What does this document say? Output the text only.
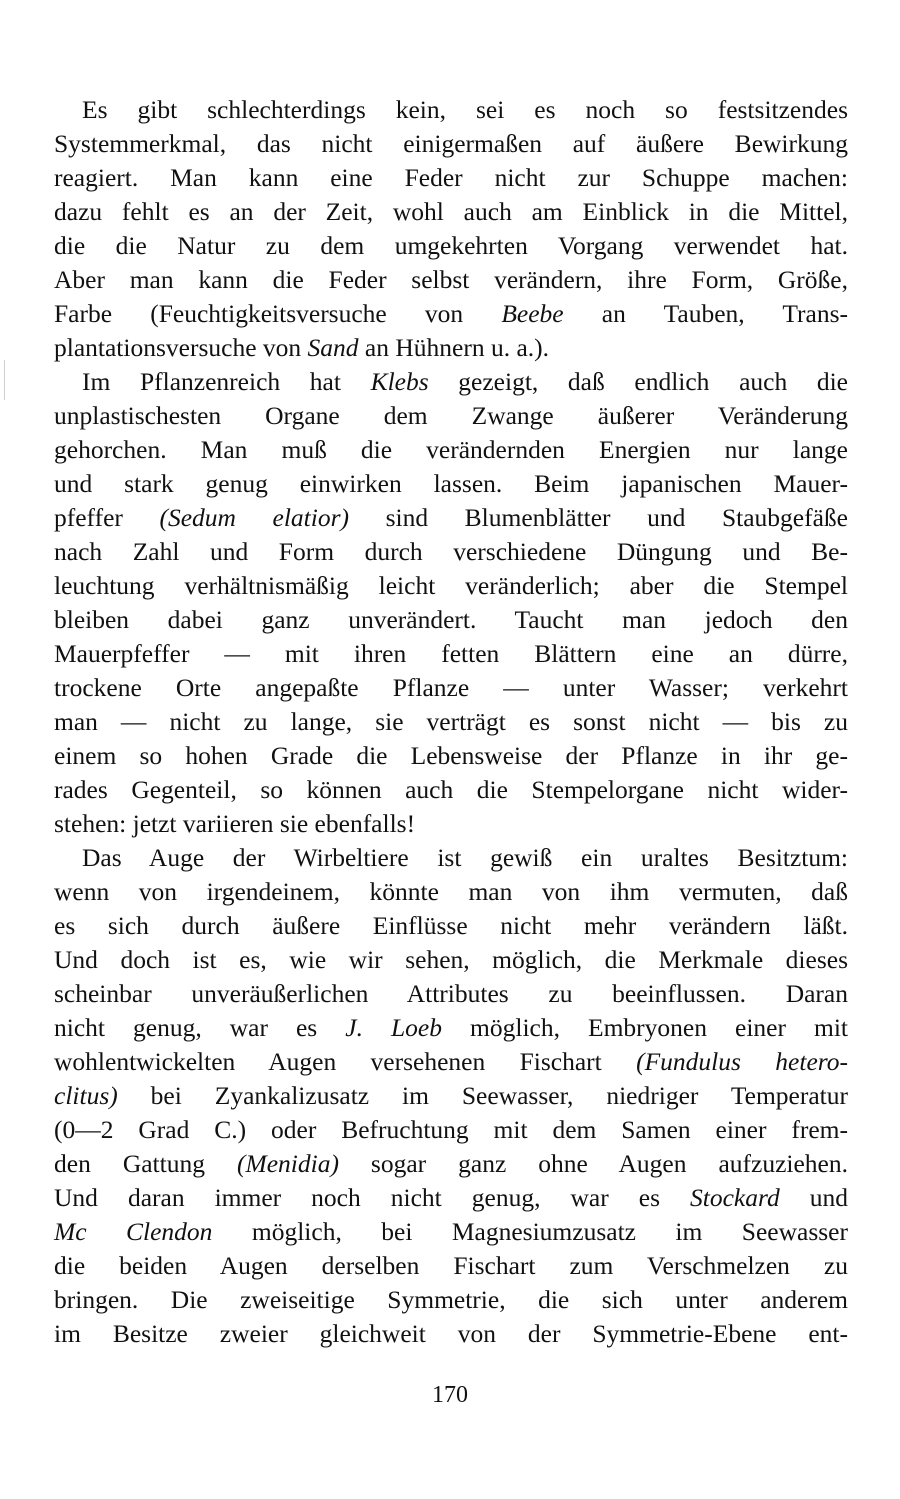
Es gibt schlechterdings kein, sei es noch so festsitzendes
Systemmerkmal, das nicht einigermaßen auf äußere Bewirkung
reagiert. Man kann eine Feder nicht zur Schuppe machen:
dazu fehlt es an der Zeit, wohl auch am Einblick in die Mittel,
die die Natur zu dem umgekehrten Vorgang verwendet hat.
Aber man kann die Feder selbst verändern, ihre Form, Größe,
Farbe (Feuchtigkeitsversuche von Beebe an Tauben, Trans-
plantationsversuche von Sand an Hühnern u. a.).
Im Pflanzenreich hat Klebs gezeigt, daß endlich auch die
unplastischesten Organe dem Zwange äußerer Veränderung
gehorchen. Man muß die verändernden Energien nur lange
und stark genug einwirken lassen. Beim japanischen Mauer-
pfeffer (Sedum elatior) sind Blumenblätter und Staubgefäße
nach Zahl und Form durch verschiedene Düngung und Be-
leuchtung verhältnismäßig leicht veränderlich; aber die Stempel
bleiben dabei ganz unverändert. Taucht man jedoch den
Mauerpfeffer — mit ihren fetten Blättern eine an dürre,
trockene Orte angepaßte Pflanze — unter Wasser; verkehrt
man — nicht zu lange, sie verträgt es sonst nicht — bis zu
einem so hohen Grade die Lebensweise der Pflanze in ihr ge-
rades Gegenteil, so können auch die Stempelorgane nicht wider-
stehen: jetzt variieren sie ebenfalls!
Das Auge der Wirbeltiere ist gewiß ein uraltes Besitztum:
wenn von irgendeinem, könnte man von ihm vermuten, daß
es sich durch äußere Einflüsse nicht mehr verändern läßt.
Und doch ist es, wie wir sehen, möglich, die Merkmale dieses
scheinbar unveräußerlichen Attributes zu beeinflussen. Daran
nicht genug, war es J. Loeb möglich, Embryonen einer mit
wohlentwickelten Augen versehenen Fischart (Fundulus hetero-
clitus) bei Zyankalizusatz im Seewasser, niedriger Temperatur
(0—2 Grad C.) oder Befruchtung mit dem Samen einer frem-
den Gattung (Menidia) sogar ganz ohne Augen aufzuziehen.
Und daran immer noch nicht genug, war es Stockard und
Mc Clendon möglich, bei Magnesiumzusatz im Seewasser
die beiden Augen derselben Fischart zum Verschmelzen zu
bringen. Die zweiseitige Symmetrie, die sich unter anderem
im Besitze zweier gleichweit von der Symmetrie-Ebene ent-
170
